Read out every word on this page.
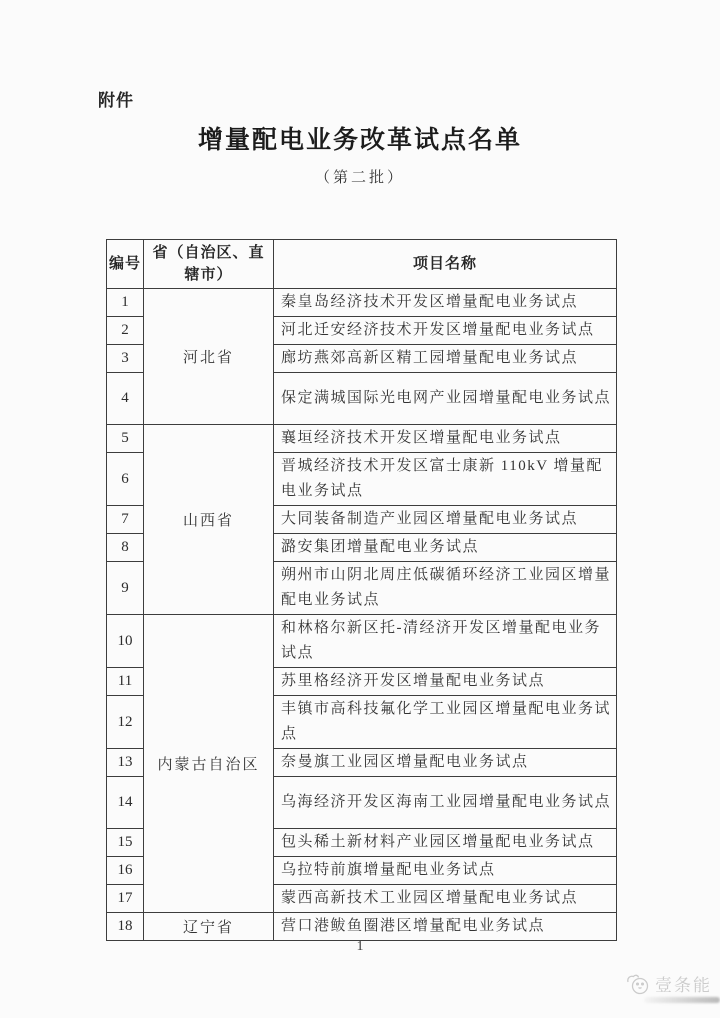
附件
增量配电业务改革试点名单
（第二批）
编号	省（自治区、直辖市）	项目名称
1	河北省	秦皇岛经济技术开发区增量配电业务试点
2		河北迁安经济技术开发区增量配电业务试点
3		廊坊燕郊高新区精工园增量配电业务试点
4		保定满城国际光电网产业园增量配电业务试点
5	山西省	襄垣经济技术开发区增量配电业务试点
6		晋城经济技术开发区富士康新 110kV 增量配电业务试点
7		大同装备制造产业园区增量配电业务试点
8		潞安集团增量配电业务试点
9		朔州市山阴北周庄低碳循环经济工业园区增量配电业务试点
10	内蒙古自治区	和林格尔新区托-清经济开发区增量配电业务试点
11		苏里格经济开发区增量配电业务试点
12		丰镇市高科技氟化学工业园区增量配电业务试点
13		奈曼旗工业园区增量配电业务试点
14		乌海经济开发区海南工业园增量配电业务试点
15		包头稀土新材料产业园区增量配电业务试点
16		乌拉特前旗增量配电业务试点
17		蒙西高新技术工业园区增量配电业务试点
18	辽宁省	营口港鲅鱼圈港区增量配电业务试点
1
壹条能
